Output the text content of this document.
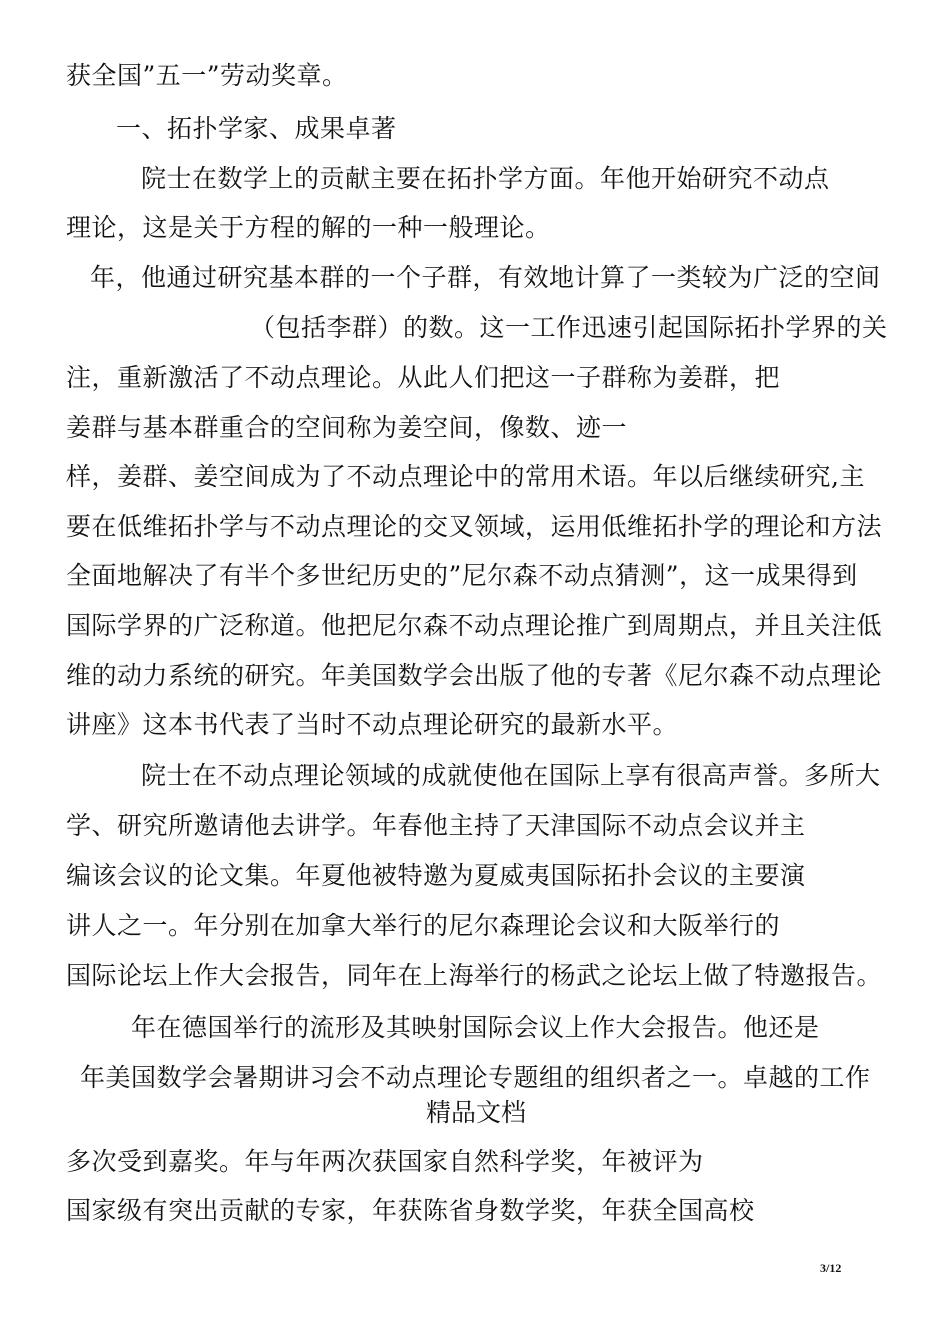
获全国”五一”劳动奖章。
一、拓扑学家、成果卓著
院士在数学上的贡献主要在拓扑学方面。年他开始研究不动点
理论，这是关于方程的解的一种一般理论。
年，他通过研究基本群的一个子群，有效地计算了一类较为广泛的空间
（包括李群）的数。这一工作迅速引起国际拓扑学界的关
注，重新激活了不动点理论。从此人们把这一子群称为姜群，把
姜群与基本群重合的空间称为姜空间，像数、迹一
样，姜群、姜空间成为了不动点理论中的常用术语。年以后继续研究,主
要在低维拓扑学与不动点理论的交叉领域，运用低维拓扑学的理论和方法
全面地解决了有半个多世纪历史的”尼尔森不动点猜测”，这一成果得到
国际学界的广泛称道。他把尼尔森不动点理论推广到周期点，并且关注低
维的动力系统的研究。年美国数学会出版了他的专著《尼尔森不动点理论
讲座》这本书代表了当时不动点理论研究的最新水平。
院士在不动点理论领域的成就使他在国际上享有很高声誉。多所大
学、研究所邀请他去讲学。年春他主持了天津国际不动点会议并主
编该会议的论文集。年夏他被特邀为夏威夷国际拓扑会议的主要演
讲人之一。年分别在加拿大举行的尼尔森理论会议和大阪举行的
国际论坛上作大会报告，同年在上海举行的杨武之论坛上做了特邀报告。
年在德国举行的流形及其映射国际会议上作大会报告。他还是
年美国数学会暑期讲习会不动点理论专题组的组织者之一。卓越的工作
精品文档
多次受到嘉奖。年与年两次获国家自然科学奖，年被评为
国家级有突出贡献的专家，年获陈省身数学奖，年获全国高校
3/12
